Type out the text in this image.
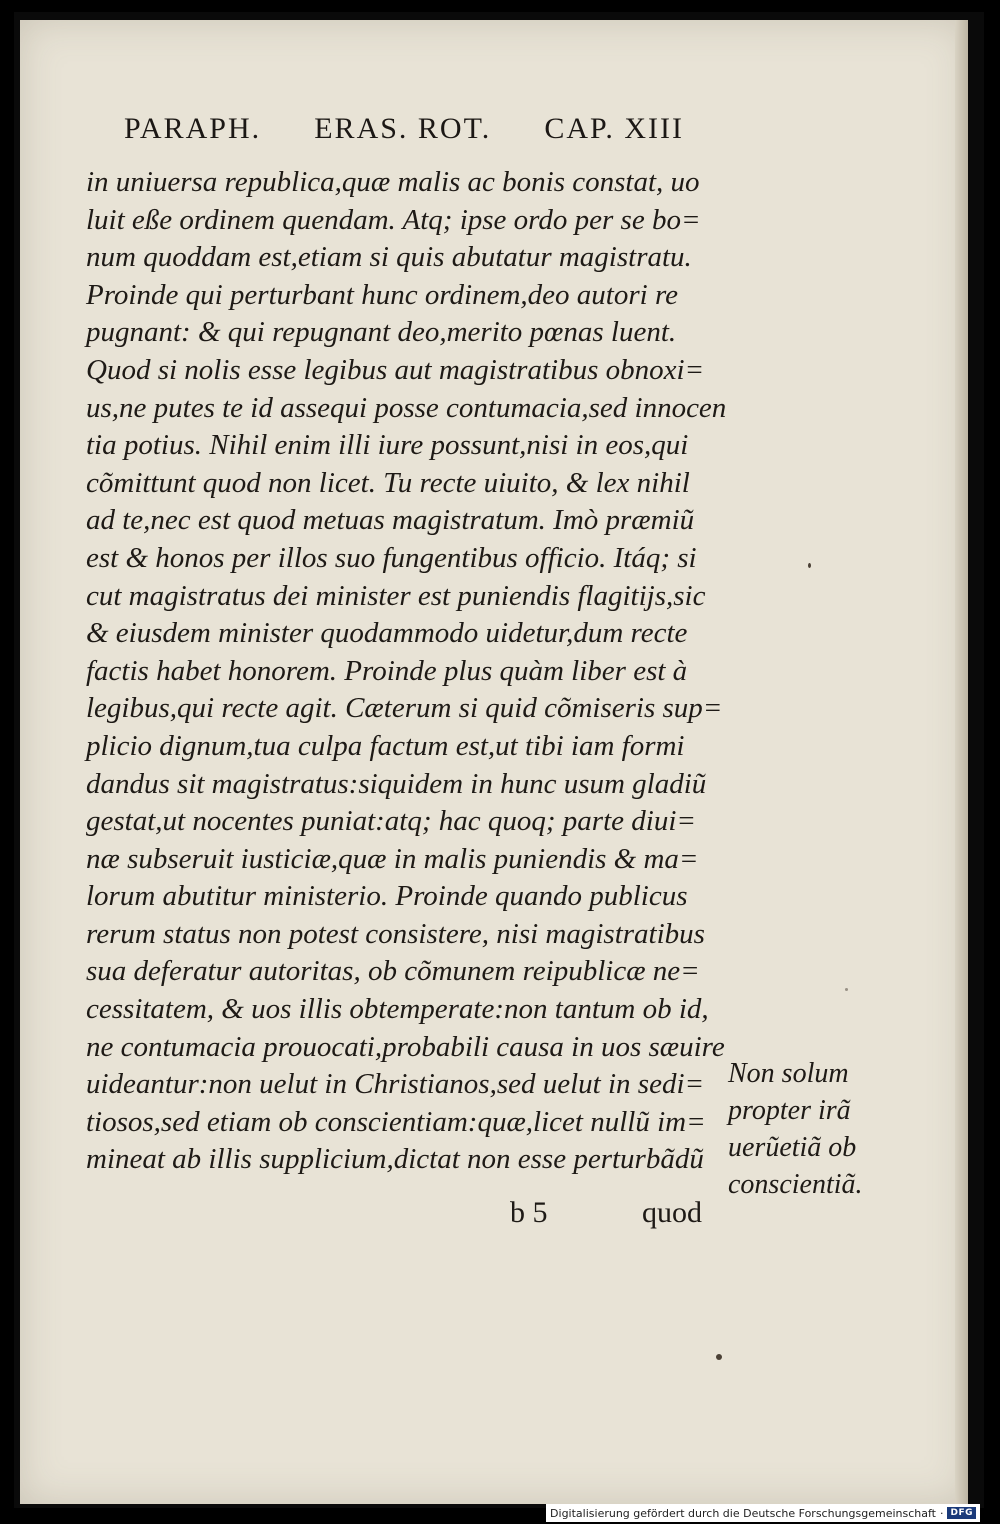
PARAPH. ERAS. ROT. CAP. XIII
in uniuersa republica,quæ malis ac bonis constat, uo
luit eße ordinem quendam. Atq; ipse ordo per se bo=
num quoddam est,etiam si quis abutatur magistratu.
Proinde qui perturbant hunc ordinem,deo autori re
pugnant: & qui repugnant deo,merito pœnas luent.
Quod si nolis esse legibus aut magistratibus obnoxi=
us,ne putes te id assequi posse contumacia,sed innocen
tia potius. Nihil enim illi iure possunt,nisi in eos,qui
cõmittunt quod non licet. Tu recte uiuito, & lex nihil
ad te,nec est quod metuas magistratum. Imò præmiũ
est & honos per illos suo fungentibus officio. Itáq; si
cut magistratus dei minister est puniendis flagitijs,sic
& eiusdem minister quodammodo uidetur,dum recte
factis habet honorem. Proinde plus quàm liber est à
legibus,qui recte agit. Cæterum si quid cõmiseris sup=
plicio dignum,tua culpa factum est,ut tibi iam formi
dandus sit magistratus:siquidem in hunc usum gladiũ
gestat,ut nocentes puniat:atq; hac quoq; parte diui=
næ subseruit iusticiæ,quæ in malis puniendis & ma=
lorum abutitur ministerio. Proinde quando publicus
rerum status non potest consistere, nisi magistratibus
sua deferatur autoritas, ob cõmunem reipublicæ ne=
cessitatem, & uos illis obtemperate:non tantum ob id,
ne contumacia prouocati,probabili causa in uos sæuire
uideantur:non uelut in Christianos,sed uelut in sedi=
tiosos,sed etiam ob conscientiam:quæ,licet nullũ im=
mineat ab illis supplicium,dictat non esse perturbãdũ
Non solum
propter irã
uerũetiã ob
conscientiã.
b 5	quod
Digitalisierung gefördert durch die Deutsche Forschungsgemeinschaft · DFG
